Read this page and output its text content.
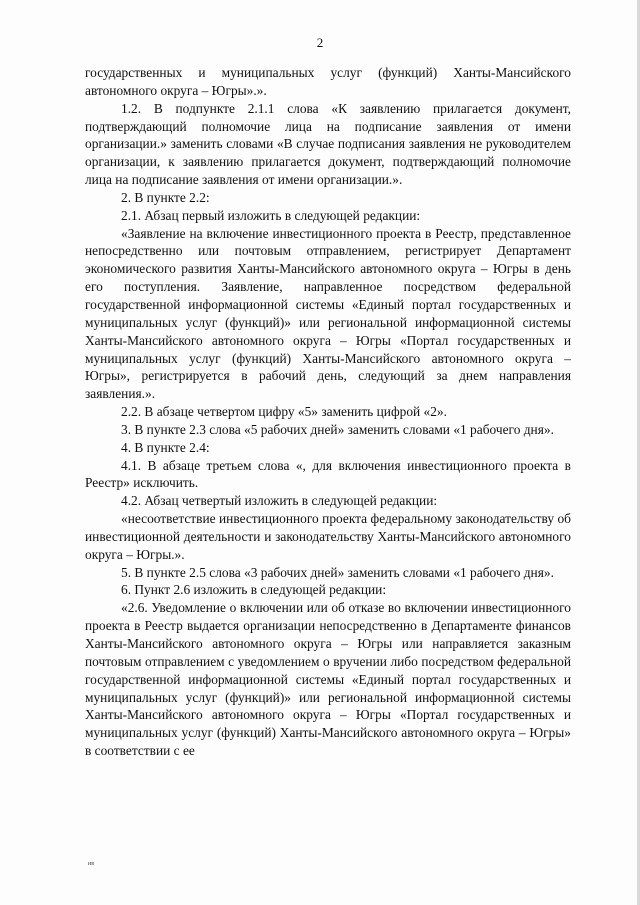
2

государственных и муниципальных услуг (функций) Ханты-Мансийского автономного округа – Югры».».

1.2. В подпункте 2.1.1 слова «К заявлению прилагается документ, подтверждающий полномочие лица на подписание заявления от имени организации.» заменить словами «В случае подписания заявления не руководителем организации, к заявлению прилагается документ, подтверждающий полномочие лица на подписание заявления от имени организации.».

2. В пункте 2.2:

2.1. Абзац первый изложить в следующей редакции:

«Заявление на включение инвестиционного проекта в Реестр, представленное непосредственно или почтовым отправлением, регистрирует Департамент экономического развития Ханты-Мансийского автономного округа – Югры в день его поступления. Заявление, направленное посредством федеральной государственной информационной системы «Единый портал государственных и муниципальных услуг (функций)» или региональной информационной системы Ханты-Мансийского автономного округа – Югры «Портал государственных и муниципальных услуг (функций) Ханты-Мансийского автономного округа – Югры», регистрируется в рабочий день, следующий за днем направления заявления.».

2.2. В абзаце четвертом цифру «5» заменить цифрой «2».

3. В пункте 2.3 слова «5 рабочих дней» заменить словами «1 рабочего дня».

4. В пункте 2.4:

4.1. В абзаце третьем слова «, для включения инвестиционного проекта в Реестр» исключить.

4.2. Абзац четвертый изложить в следующей редакции:

«несоответствие инвестиционного проекта федеральному законодательству об инвестиционной деятельности и законодательству Ханты-Мансийского автономного округа – Югры.».

5. В пункте 2.5 слова «3 рабочих дней» заменить словами «1 рабочего дня».

6. Пункт 2.6 изложить в следующей редакции:

«2.6. Уведомление о включении или об отказе во включении инвестиционного проекта в Реестр выдается организации непосредственно в Департаменте финансов Ханты-Мансийского автономного округа – Югры или направляется заказным почтовым отправлением с уведомлением о вручении либо посредством федеральной государственной информационной системы «Единый портал государственных и муниципальных услуг (функций)» или региональной информационной системы Ханты-Мансийского автономного округа – Югры «Портал государственных и муниципальных услуг (функций) Ханты-Мансийского автономного округа – Югры» в соответствии с ее

ив
